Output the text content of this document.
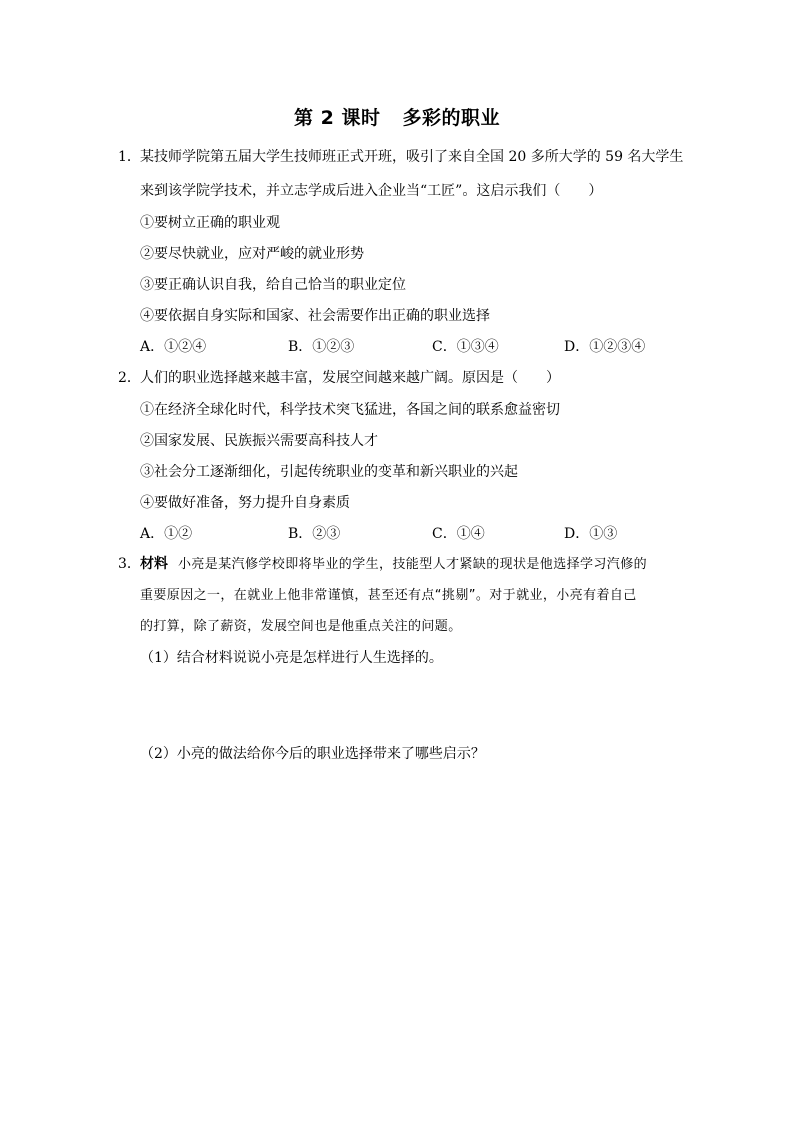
第 2 课时 多彩的职业
1．某技师学院第五届大学生技师班正式开班，吸引了来自全国 20 多所大学的 59 名大学生
来到该学院学技术，并立志学成后进入企业当“工匠”。这启示我们（　　）
①要树立正确的职业观
②要尽快就业，应对严峻的就业形势
③要正确认识自我，给自己恰当的职业定位
④要依据自身实际和国家、社会需要作出正确的职业选择
A．①②④	B．①②③	C．①③④	D．①②③④
2．人们的职业选择越来越丰富，发展空间越来越广阔。原因是（　　）
①在经济全球化时代，科学技术突飞猛进，各国之间的联系愈益密切
②国家发展、民族振兴需要高科技人才
③社会分工逐渐细化，引起传统职业的变革和新兴职业的兴起
④要做好准备，努力提升自身素质
A．①②	B．②③	C．①④	D．①③
3．材料 小亮是某汽修学校即将毕业的学生，技能型人才紧缺的现状是他选择学习汽修的
重要原因之一，在就业上他非常谨慎，甚至还有点“挑剔”。对于就业，小亮有着自己
的打算，除了薪资，发展空间也是他重点关注的问题。
（1）结合材料说说小亮是怎样进行人生选择的。
（2）小亮的做法给你今后的职业选择带来了哪些启示？
